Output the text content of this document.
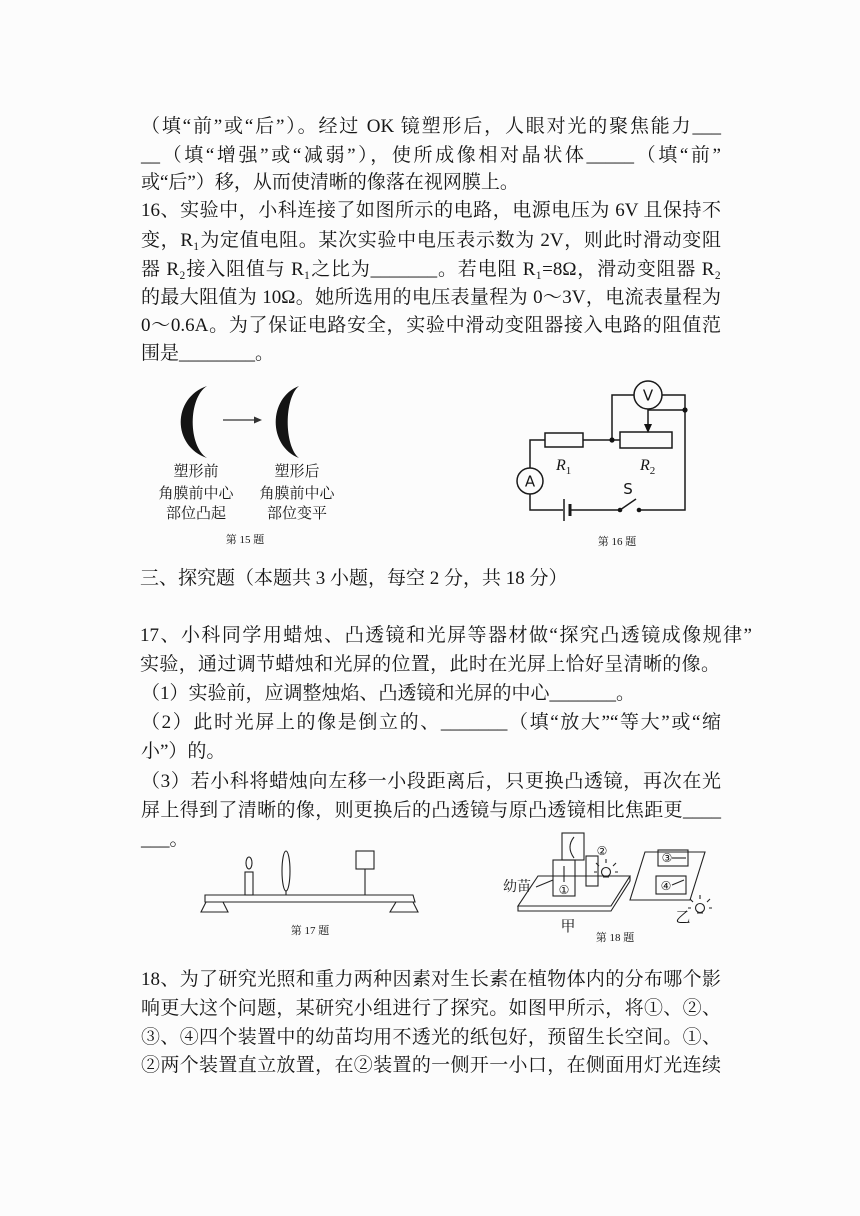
（填“前”或“后”）。经过 OK 镜塑形后，人眼对光的聚焦能力___
__（填“增强”或“减弱”），使所成像相对晶状体_____（填“前”
或“后”）移，从而使清晰的像落在视网膜上。
16、实验中，小科连接了如图所示的电路，电源电压为 6V 且保持不
变，R₁为定值电阻。某次实验中电压表示数为 2V，则此时滑动变阻
器 R₂接入阻值与 R₁之比为_______。若电阻 R₁=8Ω，滑动变阻器 R₂
的最大阻值为 10Ω。她所选用的电压表量程为 0～3V，电流表量程为
0～0.6A。为了保证电路安全，实验中滑动变阻器接入电路的阻值范
围是________。
塑形前
角膜前中心
部位凸起
塑形后
角膜前中心
部位变平
第 15 题
V
A
$R_1$	$R_2$
S
第 16 题
三、探究题（本题共 3 小题，每空 2 分，共 18 分）
17、小科同学用蜡烛、凸透镜和光屏等器材做“探究凸透镜成像规律”
实验，通过调节蜡烛和光屏的位置，此时在光屏上恰好呈清晰的像。
（1）实验前，应调整烛焰、凸透镜和光屏的中心_______。
（2）此时光屏上的像是倒立的、_______（填“放大”“等大”或“缩
小”）的。
（3）若小科将蜡烛向左移一小段距离后，只更换凸透镜，再次在光
屏上得到了清晰的像，则更换后的凸透镜与原凸透镜相比焦距更____
___。
第 17 题
幼苗 ①
②
甲
③
④
乙
第 18 题
18、为了研究光照和重力两种因素对生长素在植物体内的分布哪个影
响更大这个问题，某研究小组进行了探究。如图甲所示，将①、②、
③、④四个装置中的幼苗均用不透光的纸包好，预留生长空间。①、
②两个装置直立放置，在②装置的一侧开一小口，在侧面用灯光连续
